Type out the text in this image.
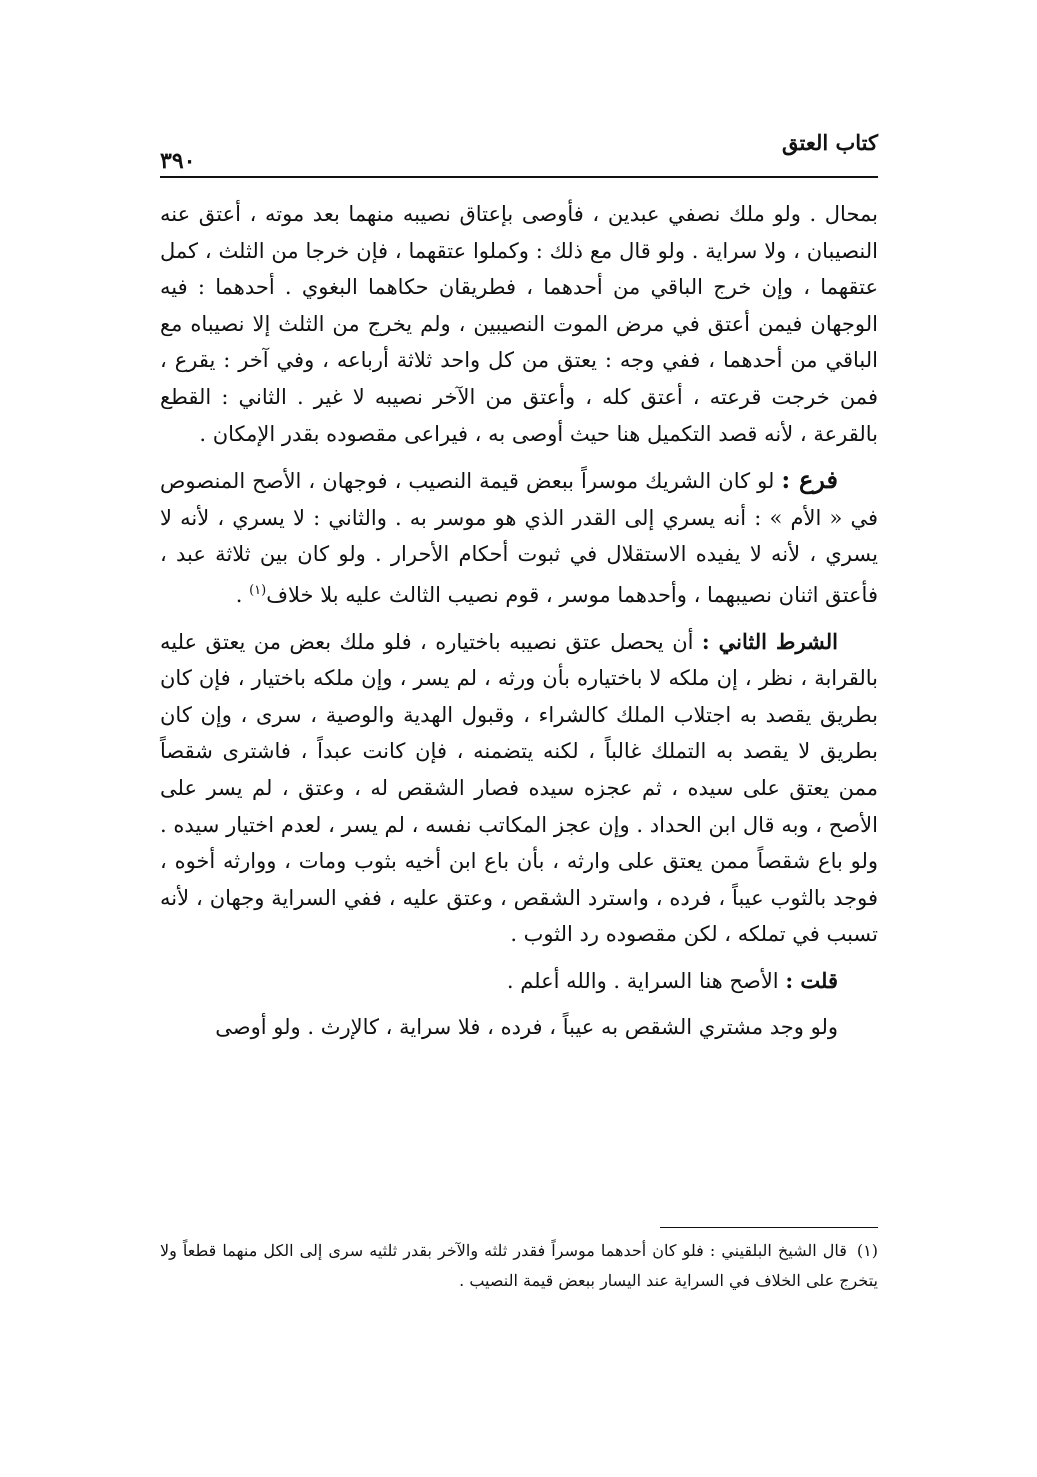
كتاب العتق
٣٩٠

بمحال . ولو ملك نصفي عبدين ، فأوصى بإعتاق نصيبه منهما بعد موته ، أعتق عنه النصيبان ، ولا سراية . ولو قال مع ذلك : وكملوا عتقهما ، فإن خرجا من الثلث ، كمل عتقهما ، وإن خرج الباقي من أحدهما ، فطريقان حكاهما البغوي . أحدهما : فيه الوجهان فيمن أعتق في مرض الموت النصيبين ، ولم يخرج من الثلث إلا نصيباه مع الباقي من أحدهما ، ففي وجه : يعتق من كل واحد ثلاثة أرباعه ، وفي آخر : يقرع ، فمن خرجت قرعته ، أعتق كله ، وأعتق من الآخر نصيبه لا غير . الثاني : القطع بالقرعة ، لأنه قصد التكميل هنا حيث أوصى به ، فيراعى مقصوده بقدر الإمكان .

فرع : لو كان الشريك موسراً ببعض قيمة النصيب ، فوجهان ، الأصح المنصوص في « الأم » : أنه يسري إلى القدر الذي هو موسر به . والثاني : لا يسري ، لأنه لا يسري ، لأنه لا يفيده الاستقلال في ثبوت أحكام الأحرار . ولو كان بين ثلاثة عبد ، فأعتق اثنان نصيبهما ، وأحدهما موسر ، قوم نصيب الثالث عليه بلا خلاف$^{(١)}$ .

الشرط الثاني : أن يحصل عتق نصيبه باختياره ، فلو ملك بعض من يعتق عليه بالقرابة ، نظر ، إن ملكه لا باختياره بأن ورثه ، لم يسر ، وإن ملكه باختيار ، فإن كان بطريق يقصد به اجتلاب الملك كالشراء ، وقبول الهدية والوصية ، سرى ، وإن كان بطريق لا يقصد به التملك غالباً ، لكنه يتضمنه ، فإن كانت عبداً ، فاشترى شقصاً ممن يعتق على سيده ، ثم عجزه سيده فصار الشقص له ، وعتق ، لم يسر على الأصح ، وبه قال ابن الحداد . وإن عجز المكاتب نفسه ، لم يسر ، لعدم اختيار سيده . ولو باع شقصاً ممن يعتق على وارثه ، بأن باع ابن أخيه بثوب ومات ، ووارثه أخوه ، فوجد بالثوب عيباً ، فرده ، واسترد الشقص ، وعتق عليه ، ففي السراية وجهان ، لأنه تسبب في تملكه ، لكن مقصوده رد الثوب .

قلت : الأصح هنا السراية . والله أعلم .

ولو وجد مشتري الشقص به عيباً ، فرده ، فلا سراية ، كالإرث . ولو أوصى

(١)قال الشيخ البلقيني : فلو كان أحدهما موسراً فقدر ثلثه والآخر بقدر ثلثيه سرى إلى الكل منهما قطعاً ولا يتخرج على الخلاف في السراية عند اليسار ببعض قيمة النصيب .
